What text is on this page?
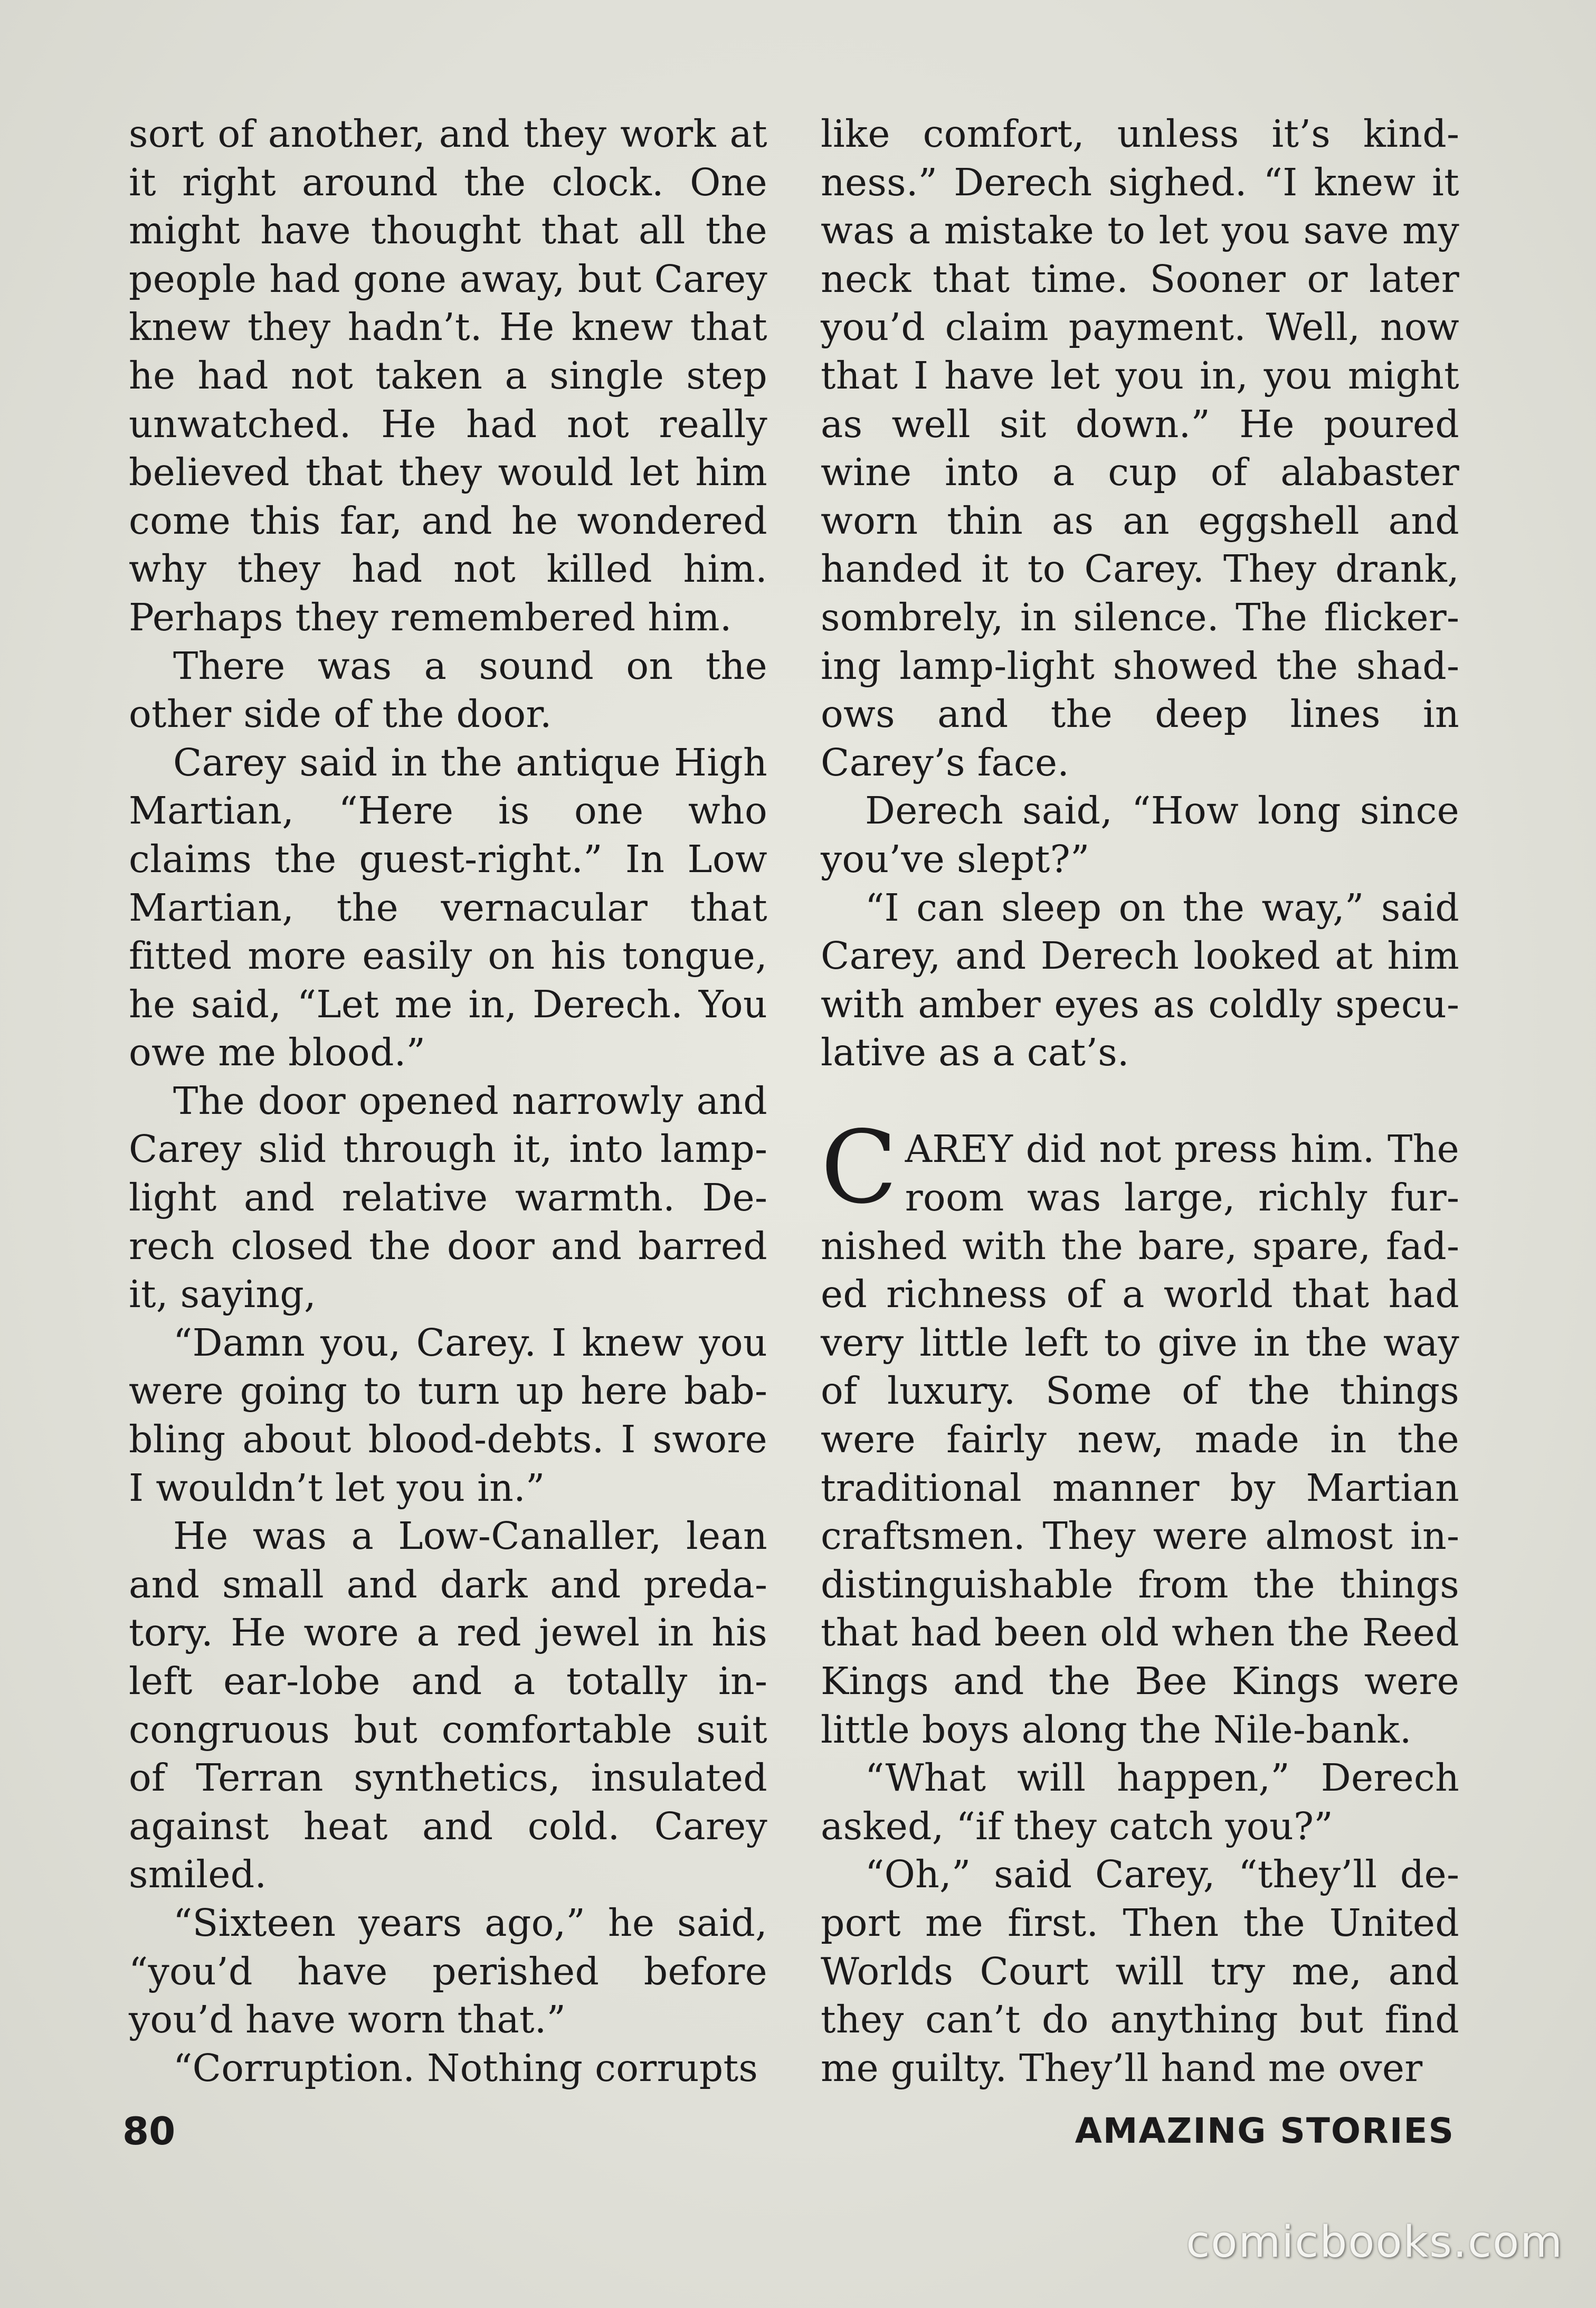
sort of another, and they work at it right around the clock. One might have thought that all the people had gone away, but Carey knew they hadn’t. He knew that he had not taken a single step unwatched. He had not really believed that they would let him come this far, and he wondered why they had not killed him. Perhaps they remembered him.

There was a sound on the other side of the door.

Carey said in the antique High Martian, “Here is one who claims the guest-right.” In Low Martian, the vernacular that fitted more easily on his tongue, he said, “Let me in, Derech. You owe me blood.”

The door opened narrowly and Carey slid through it, into lamplight and relative warmth. Derech closed the door and barred it, saying,

“Damn you, Carey. I knew you were going to turn up here babbling about blood-debts. I swore I wouldn’t let you in.”

He was a Low-Canaller, lean and small and dark and predatory. He wore a red jewel in his left ear-lobe and a totally incongruous but comfortable suit of Terran synthetics, insulated against heat and cold. Carey smiled.

“Sixteen years ago,” he said, “you’d have perished before you’d have worn that.”

“Corruption. Nothing corrupts

like comfort, unless it’s kindness.” Derech sighed. “I knew it was a mistake to let you save my neck that time. Sooner or later you’d claim payment. Well, now that I have let you in, you might as well sit down.” He poured wine into a cup of alabaster worn thin as an eggshell and handed it to Carey. They drank, sombrely, in silence. The flickering lamp-light showed the shadows and the deep lines in Carey’s face.

Derech said, “How long since you’ve slept?”

“I can sleep on the way,” said Carey, and Derech looked at him with amber eyes as coldly speculative as a cat’s.

CAREY did not press him. The room was large, richly furnished with the bare, spare, faded richness of a world that had very little left to give in the way of luxury. Some of the things were fairly new, made in the traditional manner by Martian craftsmen. They were almost indistinguishable from the things that had been old when the Reed Kings and the Bee Kings were little boys along the Nile-bank.

“What will happen,” Derech asked, “if they catch you?”

“Oh,” said Carey, “they’ll deport me first. Then the United Worlds Court will try me, and they can’t do anything but find me guilty. They’ll hand me over

80	AMAZING STORIES
comicbooks.com
